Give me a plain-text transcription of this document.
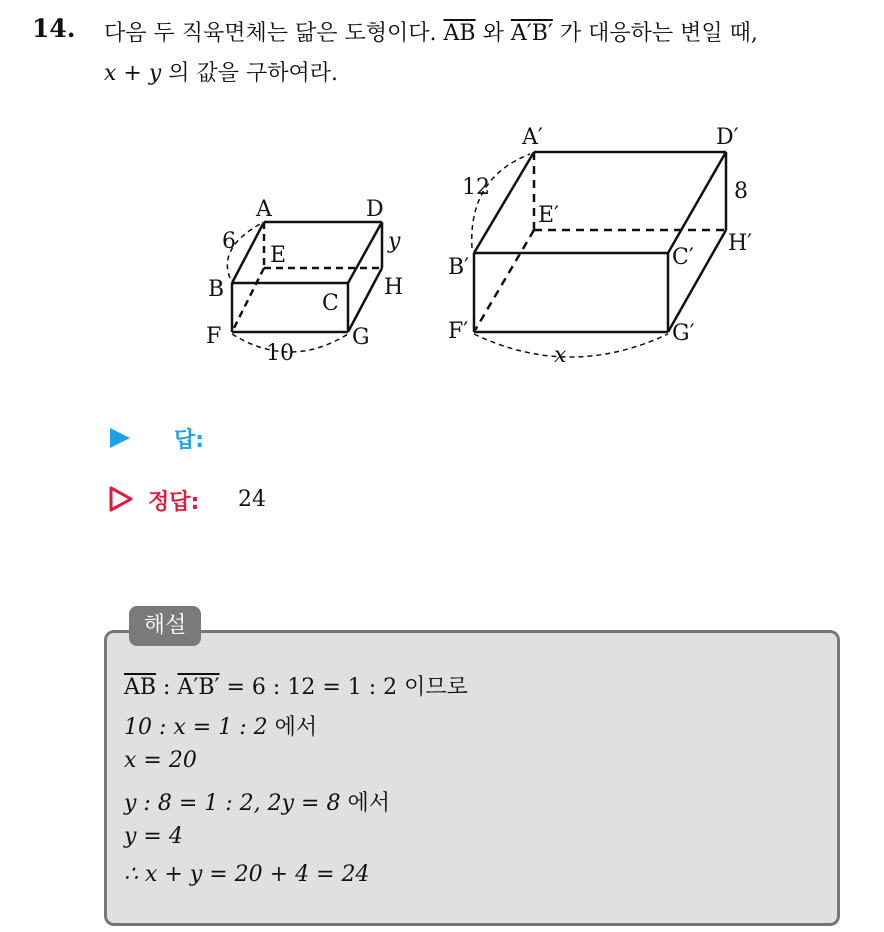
14. 다음 두 직육면체는 닮은 도형이다. $\overline{AB}$ 와 A′B′ 가 대응하는 변일 때,
x + y 의 값을 구하여라.
A	D
E
B
C
H
F	G
6
10
y
A′	D′
E′
B′	C′
H′
F′	G′
12	8
x
답:
정답: 24
해설
$\overline{AB}$ : A′B′ = 6 : 12 = 1 : 2 이므로
10 : x = 1 : 2 에서
x = 20
y : 8 = 1 : 2, 2y = 8 에서
y = 4
∴ x + y = 20 + 4 = 24
